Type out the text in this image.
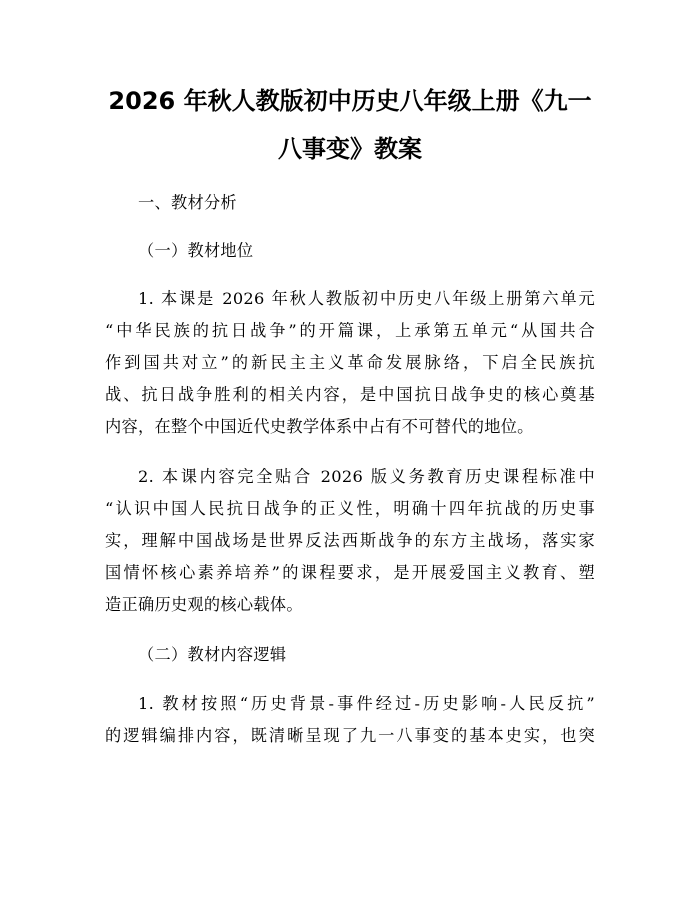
2026 年秋人教版初中历史八年级上册《九一
八事变》教案
一、教材分析
（一）教材地位
1. 本课是 2026 年秋人教版初中历史八年级上册第六单元
“中华民族的抗日战争”的开篇课，上承第五单元“从国共合
作到国共对立”的新民主主义革命发展脉络，下启全民族抗
战、抗日战争胜利的相关内容，是中国抗日战争史的核心奠基
内容，在整个中国近代史教学体系中占有不可替代的地位。
2. 本课内容完全贴合 2026 版义务教育历史课程标准中
“认识中国人民抗日战争的正义性，明确十四年抗战的历史事
实，理解中国战场是世界反法西斯战争的东方主战场，落实家
国情怀核心素养培养”的课程要求，是开展爱国主义教育、塑
造正确历史观的核心载体。
（二）教材内容逻辑
1. 教材按照“历史背景-事件经过-历史影响-人民反抗”
的逻辑编排内容，既清晰呈现了九一八事变的基本史实，也突
